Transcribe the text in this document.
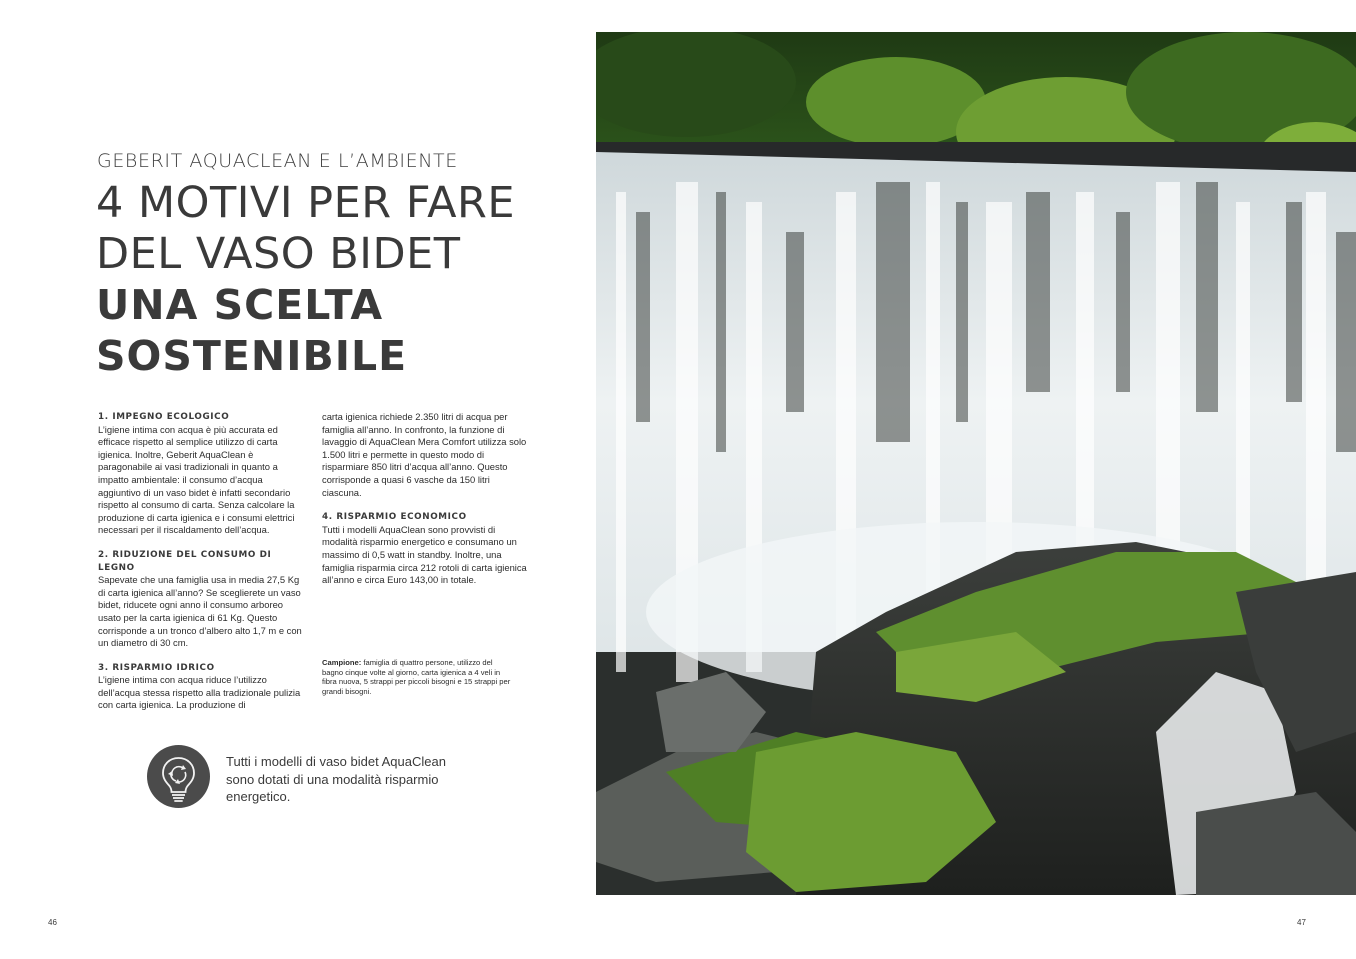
GEBERIT AQUACLEAN E L’AMBIENTE
4 MOTIVI PER FARE
DEL VASO BIDET
UNA SCELTA
SOSTENIBILE
1. IMPEGNO ECOLOGICO

L’igiene intima con acqua è più accurata ed efficace rispetto al semplice utilizzo di carta igienica. Inoltre, Geberit AquaClean è paragonabile ai vasi tradizionali in quanto a impatto ambientale: il consumo d’acqua aggiuntivo di un vaso bidet è infatti secondario rispetto al consumo di carta. Senza calcolare la produzione di carta igienica e i consumi elettrici necessari per il riscaldamento dell’acqua.

2. RIDUZIONE DEL CONSUMO DI LEGNO

Sapevate che una famiglia usa in media 27,5 Kg di carta igienica all’anno? Se sceglierete un vaso bidet, riducete ogni anno il consumo arboreo usato per la carta igienica di 61 Kg. Questo corrisponde a un tronco d’albero alto 1,7 m e con un diametro di 30 cm.

3. RISPARMIO IDRICO

L’igiene intima con acqua riduce l’utilizzo dell’acqua stessa rispetto alla tradizionale pulizia con carta igienica. La produzione di

carta igienica richiede 2.350 litri di acqua per famiglia all’anno. In confronto, la funzione di lavaggio di AquaClean Mera Comfort utilizza solo 1.500 litri e permette in questo modo di risparmiare 850 litri d’acqua all’anno. Questo corrisponde a quasi 6 vasche da 150 litri ciascuna.

4. RISPARMIO ECONOMICO

Tutti i modelli AquaClean sono provvisti di modalità risparmio energetico e consumano un massimo di 0,5 watt in standby. Inoltre, una famiglia risparmia circa 212 rotoli di carta igienica all’anno e circa Euro 143,00 in totale.

Campione: famiglia di quattro persone, utilizzo del bagno cinque volte al giorno, carta igienica a 4 veli in fibra nuova, 5 strappi per piccoli bisogni e 15 strappi per grandi bisogni.
Tutti i modelli di vaso bidet AquaClean sono dotati di una modalità risparmio energetico.
46	47
